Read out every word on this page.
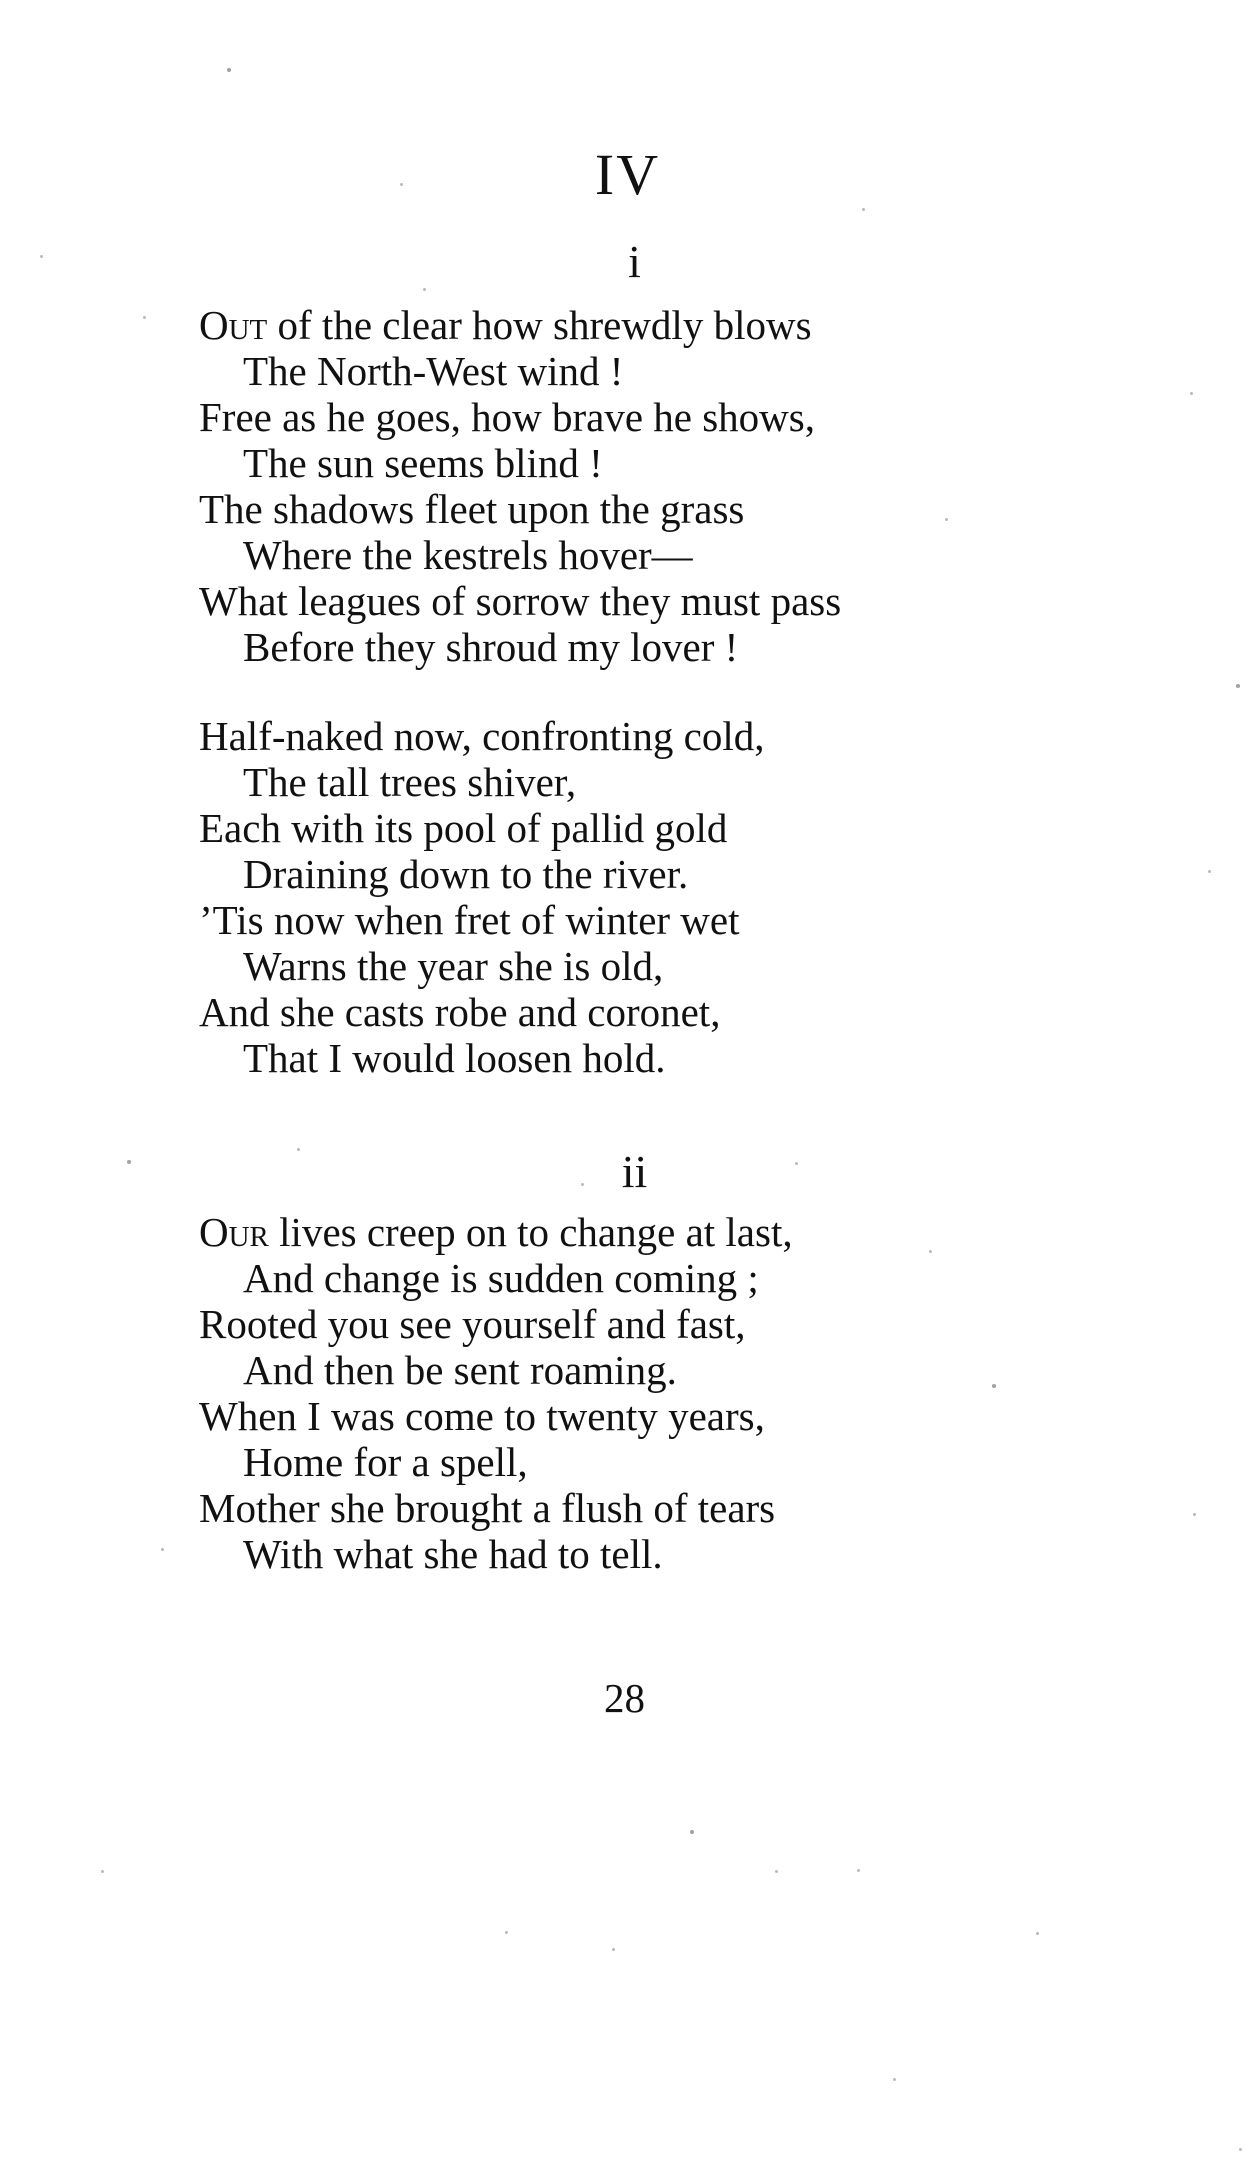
IV
i
Out of the clear how shrewdly blows
The North-West wind !
Free as he goes, how brave he shows,
The sun seems blind !
The shadows fleet upon the grass
Where the kestrels hover—
What leagues of sorrow they must pass
Before they shroud my lover !
Half-naked now, confronting cold,
The tall trees shiver,
Each with its pool of pallid gold
Draining down to the river.
’Tis now when fret of winter wet
Warns the year she is old,
And she casts robe and coronet,
That I would loosen hold.
ii
Our lives creep on to change at last,
And change is sudden coming ;
Rooted you see yourself and fast,
And then be sent roaming.
When I was come to twenty years,
Home for a spell,
Mother she brought a flush of tears
With what she had to tell.
28
